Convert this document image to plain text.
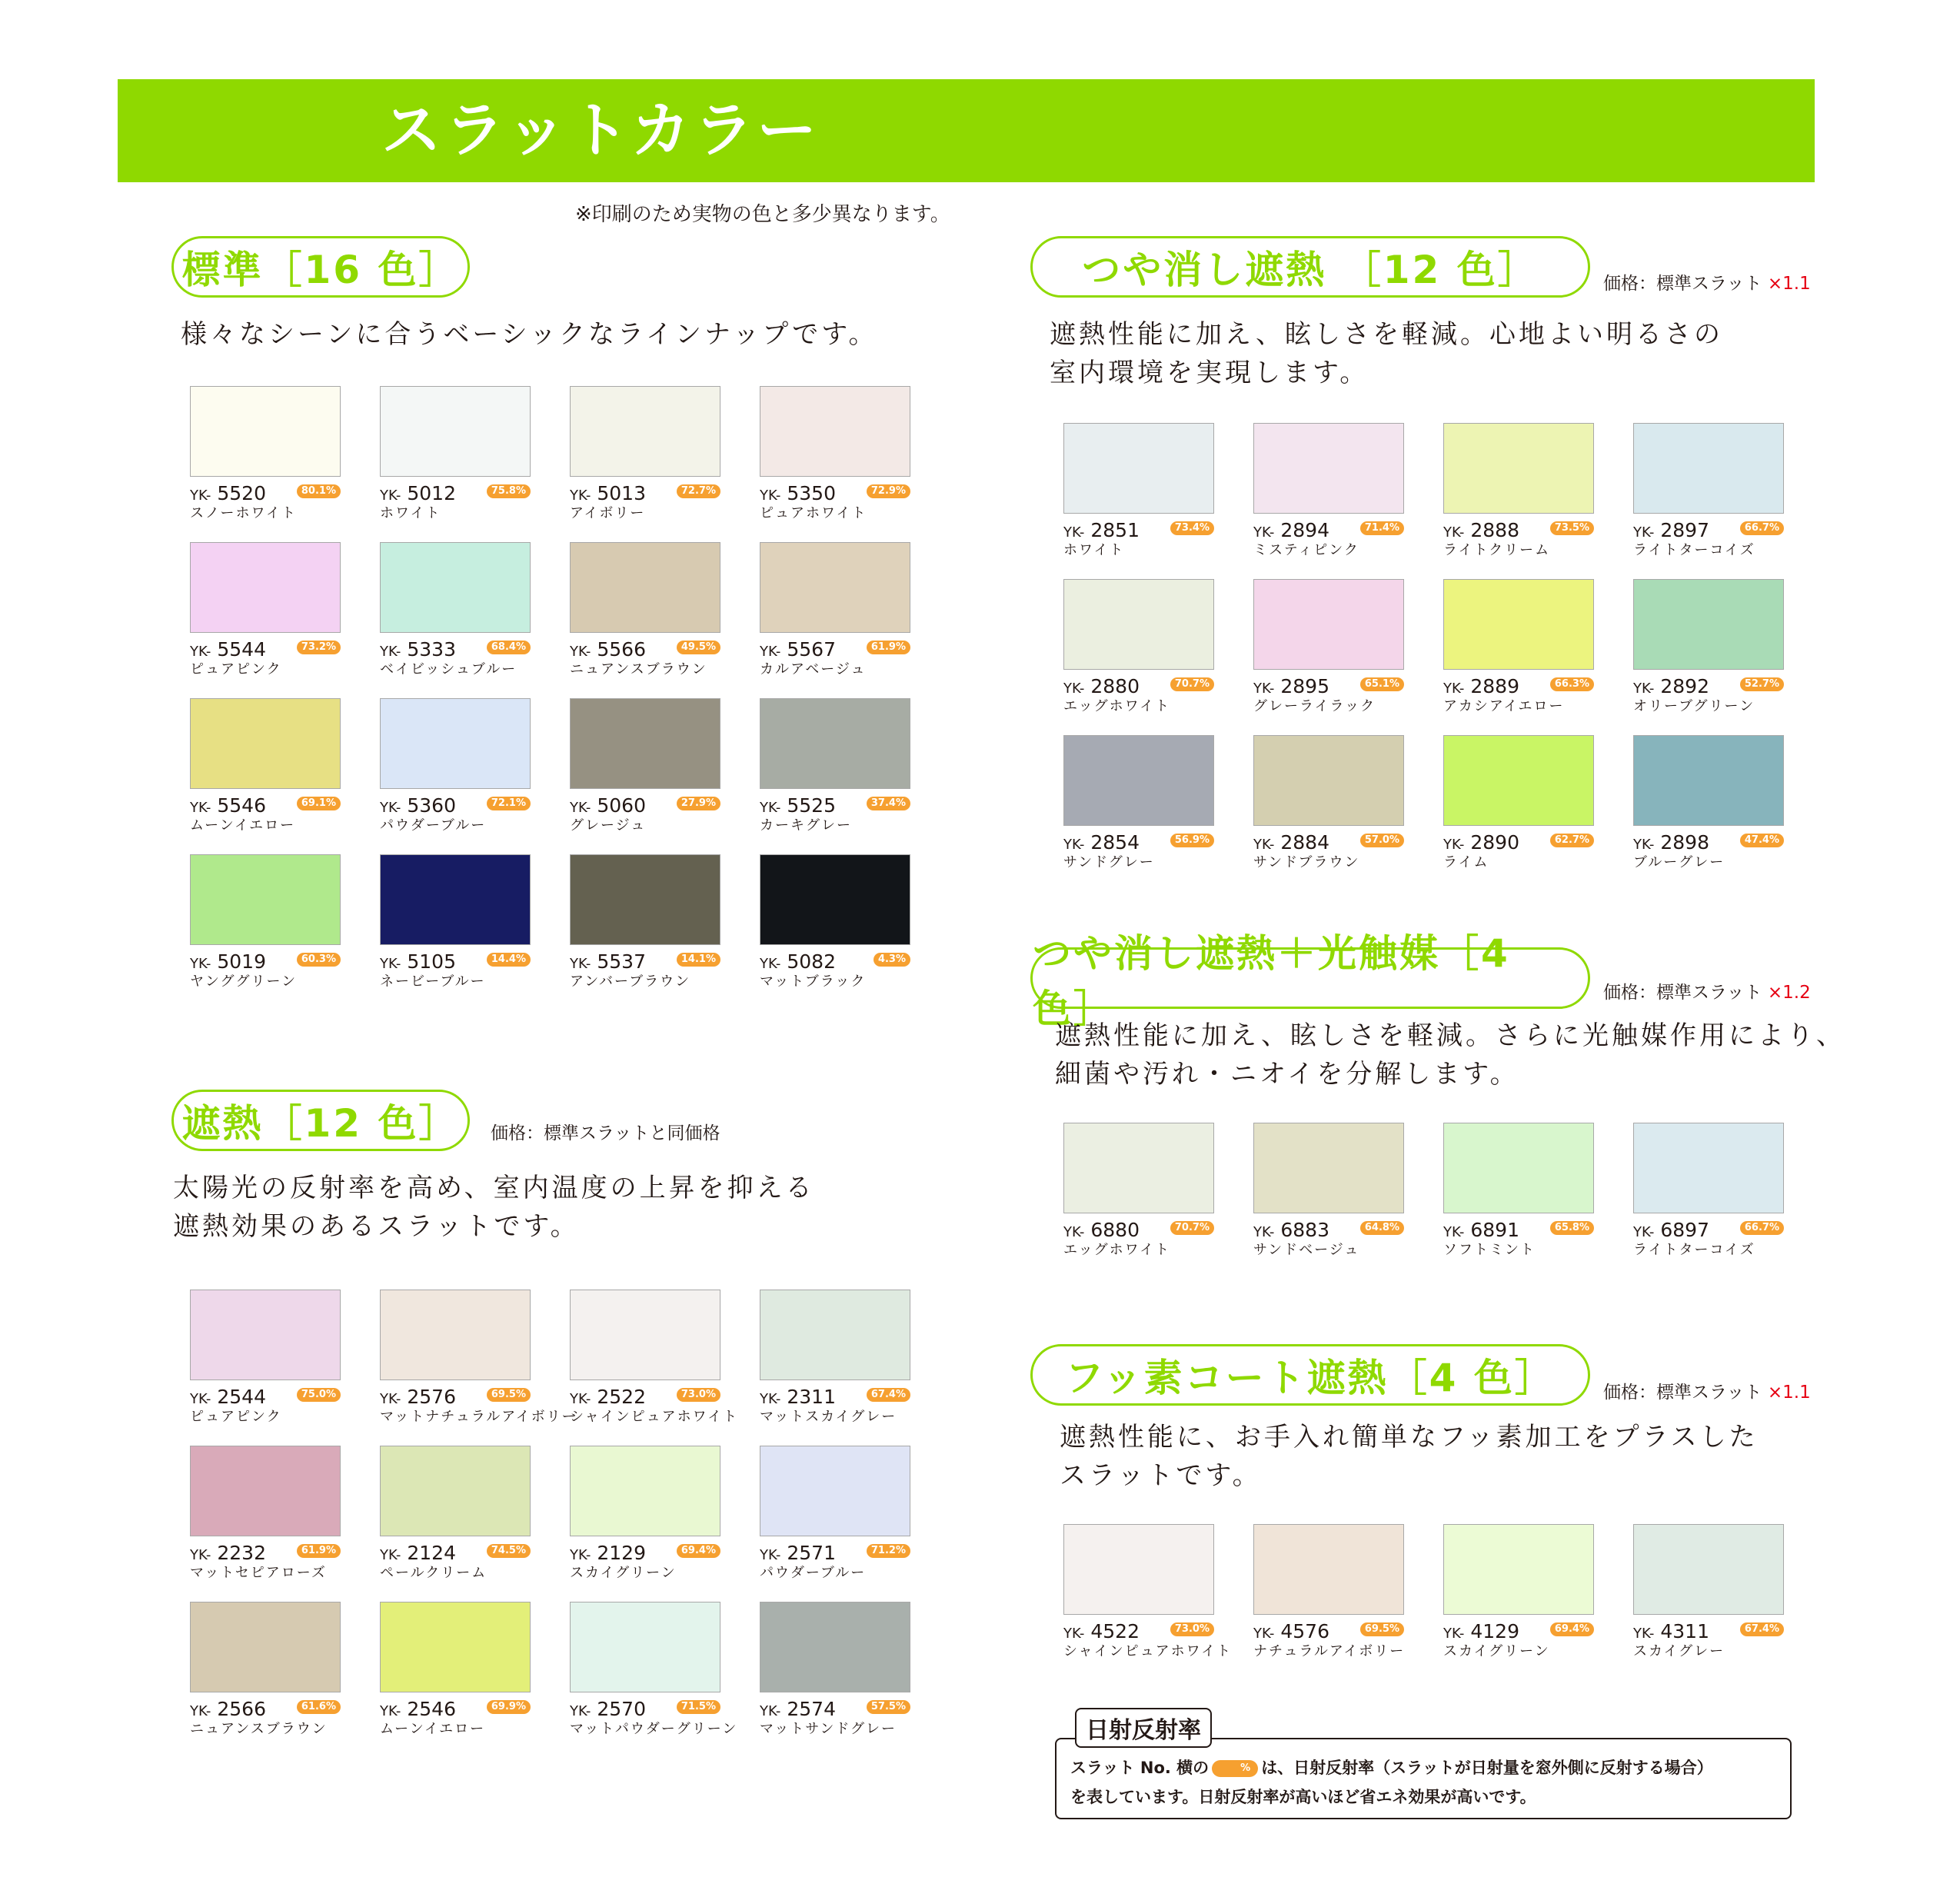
スラットカラー
※印刷のため実物の色と多少異なります。
標準［16 色］
様々なシーンに合うベーシックなラインナップです。
YK- 5520	80.1%
スノーホワイト
YK- 5012	75.8%
ホワイト
YK- 5013	72.7%
アイボリー
YK- 5350	72.9%
ピュアホワイト
YK- 5544	73.2%
ピュアピンク
YK- 5333	68.4%
ベイビッシュブルー
YK- 5566	49.5%
ニュアンスブラウン
YK- 5567	61.9%
カルアベージュ
YK- 5546	69.1%
ムーンイエロー
YK- 5360	72.1%
パウダーブルー
YK- 5060	27.9%
グレージュ
YK- 5525	37.4%
カーキグレー
YK- 5019	60.3%
ヤンググリーン
YK- 5105	14.4%
ネービーブルー
YK- 5537	14.1%
アンバーブラウン
YK- 5082	4.3%
マットブラック
遮熱［12 色］	価格：標準スラットと同価格
太陽光の反射率を高め、室内温度の上昇を抑える
遮熱効果のあるスラットです。
YK- 2544	75.0%
ピュアピンク
YK- 2576	69.5%
マットナチュラルアイボリー
YK- 2522	73.0%
シャインピュアホワイト
YK- 2311	67.4%
マットスカイグレー
YK- 2232	61.9%
マットセピアローズ
YK- 2124	74.5%
ペールクリーム
YK- 2129	69.4%
スカイグリーン
YK- 2571	71.2%
パウダーブルー
YK- 2566	61.6%
ニュアンスブラウン
YK- 2546	69.9%
ムーンイエロー
YK- 2570	71.5%
マットパウダーグリーン
YK- 2574	57.5%
マットサンドグレー
つや消し遮熱 ［12 色］	価格：標準スラット ×1.1
遮熱性能に加え、眩しさを軽減。心地よい明るさの
室内環境を実現します。
YK- 2851	73.4%
ホワイト
YK- 2894	71.4%
ミスティピンク
YK- 2888	73.5%
ライトクリーム
YK- 2897	66.7%
ライトターコイズ
YK- 2880	70.7%
エッグホワイト
YK- 2895	65.1%
グレーライラック
YK- 2889	66.3%
アカシアイエロー
YK- 2892	52.7%
オリーブグリーン
YK- 2854	56.9%
サンドグレー
YK- 2884	57.0%
サンドブラウン
YK- 2890	62.7%
ライム
YK- 2898	47.4%
ブルーグレー
つや消し遮熱＋光触媒［4 色］	価格：標準スラット ×1.2
遮熱性能に加え、眩しさを軽減。さらに光触媒作用により、
細菌や汚れ・ニオイを分解します。
YK- 6880	70.7%
エッグホワイト
YK- 6883	64.8%
サンドベージュ
YK- 6891	65.8%
ソフトミント
YK- 6897	66.7%
ライトターコイズ
フッ素コート遮熱［4 色］	価格：標準スラット ×1.1
遮熱性能に、お手入れ簡単なフッ素加工をプラスした
スラットです。
YK- 4522	73.0%
シャインピュアホワイト
YK- 4576	69.5%
ナチュラルアイボリー
YK- 4129	69.4%
スカイグリーン
YK- 4311	67.4%
スカイグレー
日射反射率
スラット No. 横の	% は、日射反射率（スラットが日射量を窓外側に反射する場合）
を表しています。日射反射率が高いほど省エネ効果が高いです。
